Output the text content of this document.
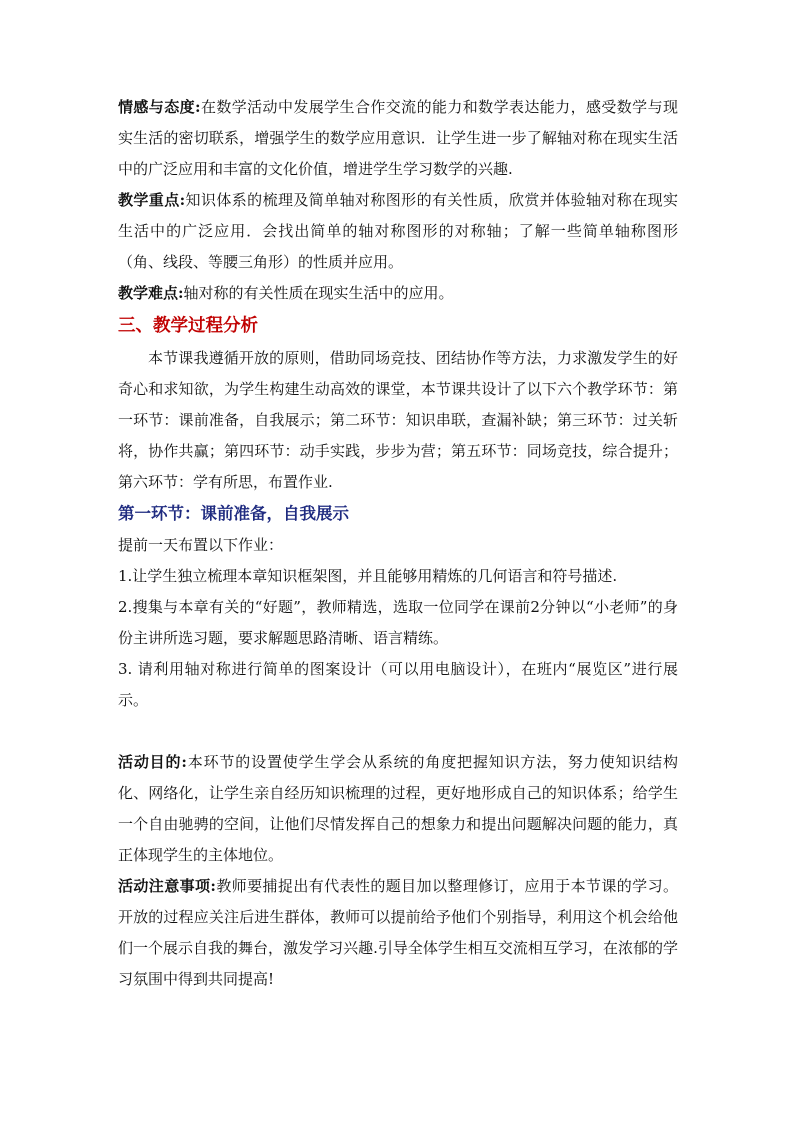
情感与态度:在数学活动中发展学生合作交流的能力和数学表达能力，感受数学与现实生活的密切联系，增强学生的数学应用意识．让学生进一步了解轴对称在现实生活中的广泛应用和丰富的文化价值，增进学生学习数学的兴趣.

教学重点:知识体系的梳理及简单轴对称图形的有关性质，欣赏并体验轴对称在现实生活中的广泛应用．会找出简单的轴对称图形的对称轴；了解一些简单轴称图形（角、线段、等腰三角形）的性质并应用。

教学难点:轴对称的有关性质在现实生活中的应用。

三、教学过程分析

本节课我遵循开放的原则，借助同场竞技、团结协作等方法，力求激发学生的好奇心和求知欲，为学生构建生动高效的课堂，本节课共设计了以下六个教学环节：第一环节：课前准备，自我展示；第二环节：知识串联，查漏补缺；第三环节：过关斩将，协作共赢；第四环节：动手实践，步步为营；第五环节：同场竞技，综合提升；第六环节：学有所思，布置作业.

第一环节：课前准备，自我展示

提前一天布置以下作业：

1.让学生独立梳理本章知识框架图，并且能够用精炼的几何语言和符号描述.

2.搜集与本章有关的“好题”，教师精选，选取一位同学在课前2分钟以“小老师”的身份主讲所选习题，要求解题思路清晰、语言精练。

3. 请利用轴对称进行简单的图案设计（可以用电脑设计），在班内“展览区”进行展示。

活动目的:本环节的设置使学生学会从系统的角度把握知识方法，努力使知识结构化、网络化，让学生亲自经历知识梳理的过程，更好地形成自己的知识体系；给学生一个自由驰骋的空间，让他们尽情发挥自己的想象力和提出问题解决问题的能力，真正体现学生的主体地位。

活动注意事项:教师要捕捉出有代表性的题目加以整理修订，应用于本节课的学习。开放的过程应关注后进生群体，教师可以提前给予他们个别指导，利用这个机会给他们一个展示自我的舞台，激发学习兴趣.引导全体学生相互交流相互学习，在浓郁的学习氛围中得到共同提高!
